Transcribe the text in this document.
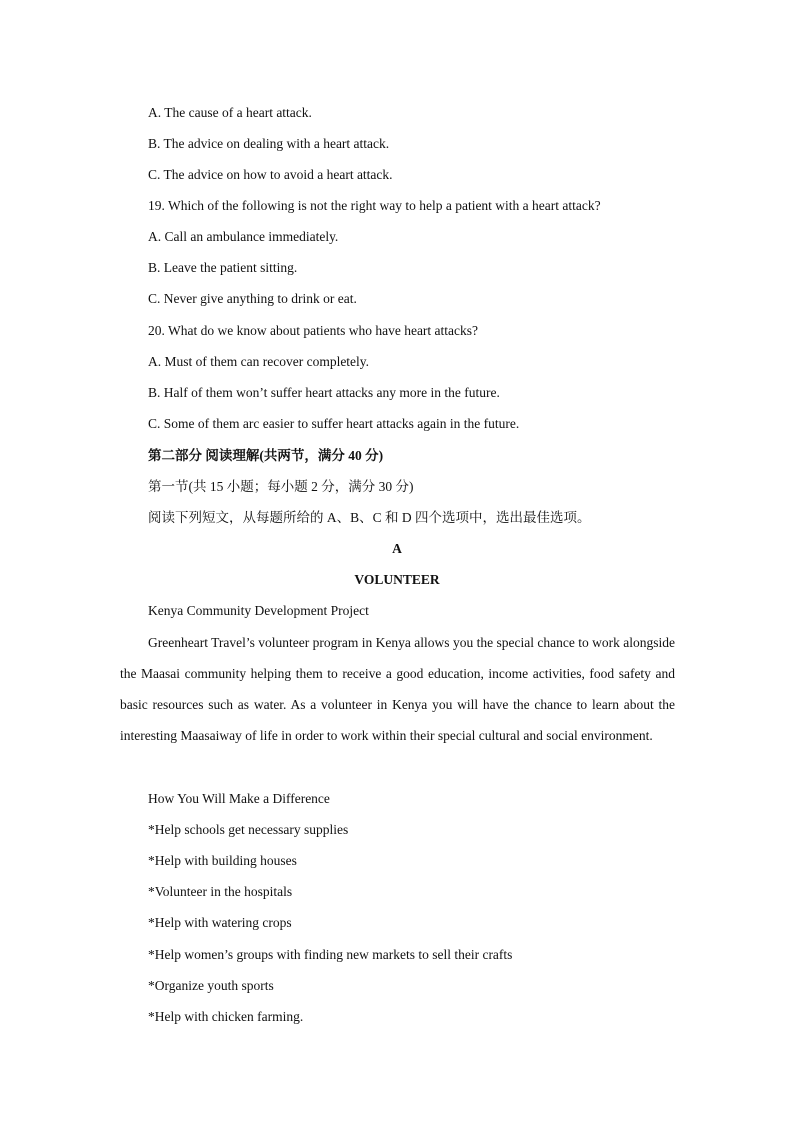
A. The cause of a heart attack.
B. The advice on dealing with a heart attack.
C. The advice on how to avoid a heart attack.
19. Which of the following is not the right way to help a patient with a heart attack?
A. Call an ambulance immediately.
B. Leave the patient sitting.
C. Never give anything to drink or eat.
20. What do we know about patients who have heart attacks?
A. Must of them can recover completely.
B. Half of them won’t suffer heart attacks any more in the future.
C. Some of them arc easier to suffer heart attacks again in the future.
第二部分 阅读理解(共两节，满分 40 分)
第一节(共 15 小题；每小题 2 分，满分 30 分)
阅读下列短文，从每题所给的 A、B、C 和 D 四个选项中，选出最佳选项。
A
VOLUNTEER
Kenya Community Development Project
Greenheart Travel’s volunteer program in Kenya allows you the special chance to work alongside the Maasai community helping them to receive a good education, income activities, food safety and basic resources such as water. As a volunteer in Kenya you will have the chance to learn about the interesting Maasaiway of life in order to work within their special cultural and social environment.
How You Will Make a Difference
*Help schools get necessary supplies
*Help with building houses
*Volunteer in the hospitals
*Help with watering crops
*Help women’s groups with finding new markets to sell their crafts
*Organize youth sports
*Help with chicken farming.
